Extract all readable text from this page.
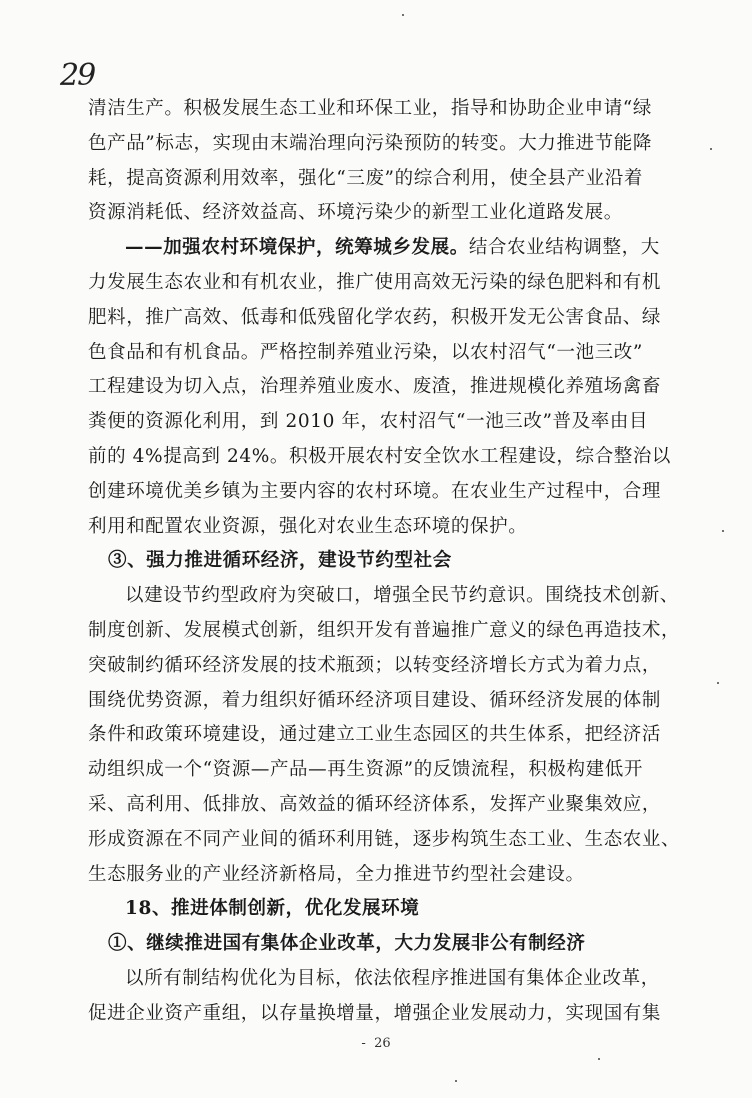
29
清洁生产。积极发展生态工业和环保工业，指导和协助企业申请“绿
色产品”标志，实现由末端治理向污染预防的转变。大力推进节能降
耗，提高资源利用效率，强化“三废”的综合利用，使全县产业沿着
资源消耗低、经济效益高、环境污染少的新型工业化道路发展。
——加强农村环境保护，统筹城乡发展。结合农业结构调整，大
力发展生态农业和有机农业，推广使用高效无污染的绿色肥料和有机
肥料，推广高效、低毒和低残留化学农药，积极开发无公害食品、绿
色食品和有机食品。严格控制养殖业污染，以农村沼气“一池三改”
工程建设为切入点，治理养殖业废水、废渣，推进规模化养殖场禽畜
粪便的资源化利用，到 2010 年，农村沼气“一池三改”普及率由目
前的 4%提高到 24%。积极开展农村安全饮水工程建设，综合整治以
创建环境优美乡镇为主要内容的农村环境。在农业生产过程中，合理
利用和配置农业资源，强化对农业生态环境的保护。
③、强力推进循环经济，建设节约型社会
以建设节约型政府为突破口，增强全民节约意识。围绕技术创新、
制度创新、发展模式创新，组织开发有普遍推广意义的绿色再造技术，
突破制约循环经济发展的技术瓶颈；以转变经济增长方式为着力点，
围绕优势资源，着力组织好循环经济项目建设、循环经济发展的体制
条件和政策环境建设，通过建立工业生态园区的共生体系，把经济活
动组织成一个“资源—产品—再生资源”的反馈流程，积极构建低开
采、高利用、低排放、高效益的循环经济体系，发挥产业聚集效应，
形成资源在不同产业间的循环利用链，逐步构筑生态工业、生态农业、
生态服务业的产业经济新格局，全力推进节约型社会建设。
18、推进体制创新，优化发展环境
①、继续推进国有集体企业改革，大力发展非公有制经济
以所有制结构优化为目标，依法依程序推进国有集体企业改革，
促进企业资产重组，以存量换增量，增强企业发展动力，实现国有集
-  26
